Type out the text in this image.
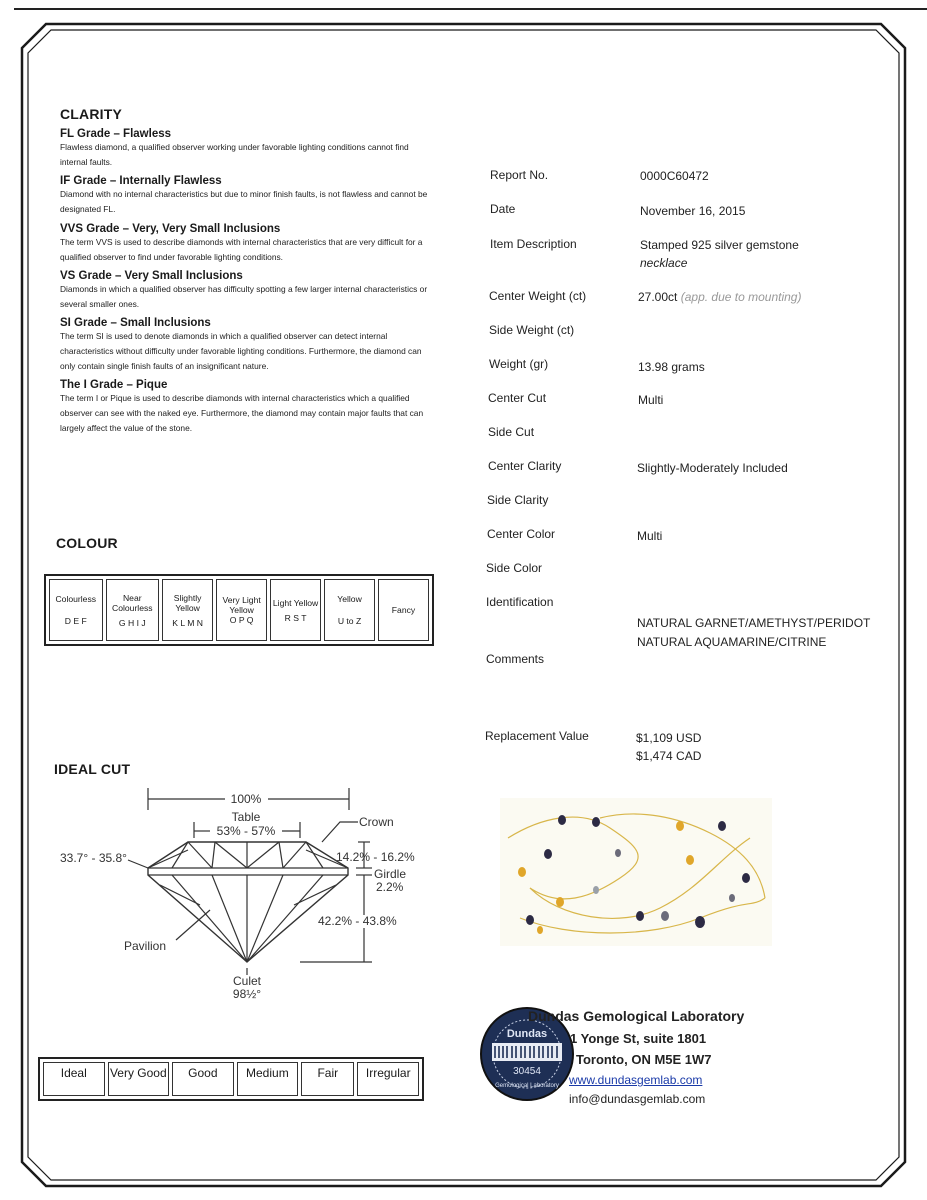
CLARITY
FL Grade – Flawless
Flawless diamond, a qualified observer working under favorable lighting conditions cannot find internal faults.
IF Grade – Internally Flawless
Diamond with no internal characteristics but due to minor finish faults, is not flawless and cannot be designated FL.
VVS Grade – Very, Very Small Inclusions
The term VVS is used to describe diamonds with internal characteristics that are very difficult for a qualified observer to find under favorable lighting conditions.
VS Grade – Very Small Inclusions
Diamonds in which a qualified observer has difficulty spotting a few larger internal characteristics or several smaller ones.
SI Grade – Small Inclusions
The term SI is used to denote diamonds in which a qualified observer can detect internal characteristics without difficulty under favorable lighting conditions. Furthermore, the diamond can only contain single finish faults of an insignificant nature.
The I Grade – Pique
The term I or Pique is used to describe diamonds with internal characteristics which a qualified observer can see with the naked eye. Furthermore, the diamond may contain major faults that can largely affect the value of the stone.
COLOUR
Colourless
D E F

Near Colourless
G H I J

Slightly Yellow
K L M N

Very Light Yellow
O P Q

Light Yellow
R S T

Yellow
U to Z

Fancy
IDEAL CUT
100%
Table
53% - 57%
Crown
33.7° - 35.8°	14.2% - 16.2%
Girdle
2.2%
42.2% - 43.8%
Pavilion
Culet
98½°
Ideal	Very Good	Good	Medium	Fair	Irregular
Report No.	0000C60472
Date	November 16, 2015
Item Description	Stamped 925 silver gemstone
necklace
Center Weight (ct)	27.00ct (app. due to mounting)
Side Weight (ct)
Weight (gr)	13.98 grams
Center Cut	Multi
Side Cut
Center Clarity	Slightly-Moderately Included
Side Clarity
Center Color	Multi
Side Color
Identification
NATURAL GARNET/AMETHYST/PERIDOT
NATURAL AQUAMARINE/CITRINE
Comments
Replacement Value	$1,109 USD
$1,474 CAD
Dundas
30454
Gemological Laboratory
Dundas Gemological Laboratory
1 Yonge St, suite 1801
Toronto, ON M5E 1W7
www.dundasgemlab.com
info@dundasgemlab.com
